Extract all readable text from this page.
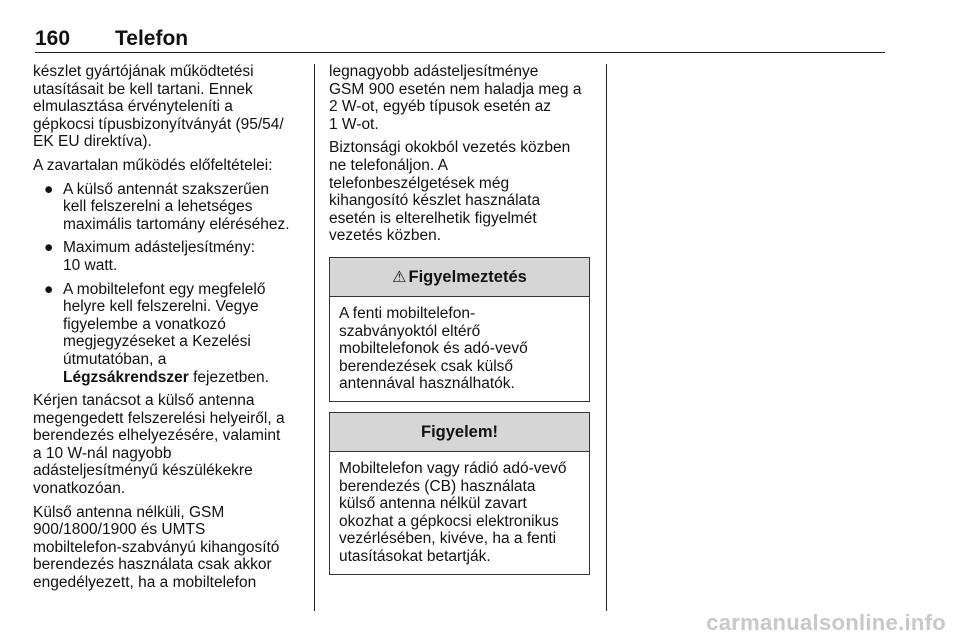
160 Telefon

készlet gyártójának működtetési
utasításait be kell tartani. Ennek
elmulasztása érvényteleníti a
gépkocsi típusbizonyítványát (95/54/
EK EU direktíva).

A zavartalan működés előfeltételei:

● A külső antennát szakszerűen
kell felszerelni a lehetséges
maximális tartomány eléréséhez.
● Maximum adásteljesítmény:
10 watt.
● A mobiltelefont egy megfelelő
helyre kell felszerelni. Vegye
figyelembe a vonatkozó
megjegyzéseket a Kezelési
útmutatóban, a
Légzsákrendszer fejezetben.

Kérjen tanácsot a külső antenna
megengedett felszerelési helyeiről, a
berendezés elhelyezésére, valamint
a 10 W-nál nagyobb
adásteljesítményű készülékekre
vonatkozóan.

Külső antenna nélküli, GSM
900/1800/1900 és UMTS
mobiltelefon-szabványú kihangosító
berendezés használata csak akkor
engedélyezett, ha a mobiltelefon

legnagyobb adásteljesítménye
GSM 900 esetén nem haladja meg a
2 W-ot, egyéb típusok esetén az
1 W-ot.

Biztonsági okokból vezetés közben
ne telefonáljon. A
telefonbeszélgetések még
kihangosító készlet használata
esetén is elterelhetik figyelmét
vezetés közben.

⚠ Figyelmeztetés
A fenti mobiltelefon-
szabványoktól eltérő
mobiltelefonok és adó-vevő
berendezések csak külső
antennával használhatók.
Figyelem!
Mobiltelefon vagy rádió adó-vevő
berendezés (CB) használata
külső antenna nélkül zavart
okozhat a gépkocsi elektronikus
vezérlésében, kivéve, ha a fenti
utasításokat betartják.
carmanualsonline.info
